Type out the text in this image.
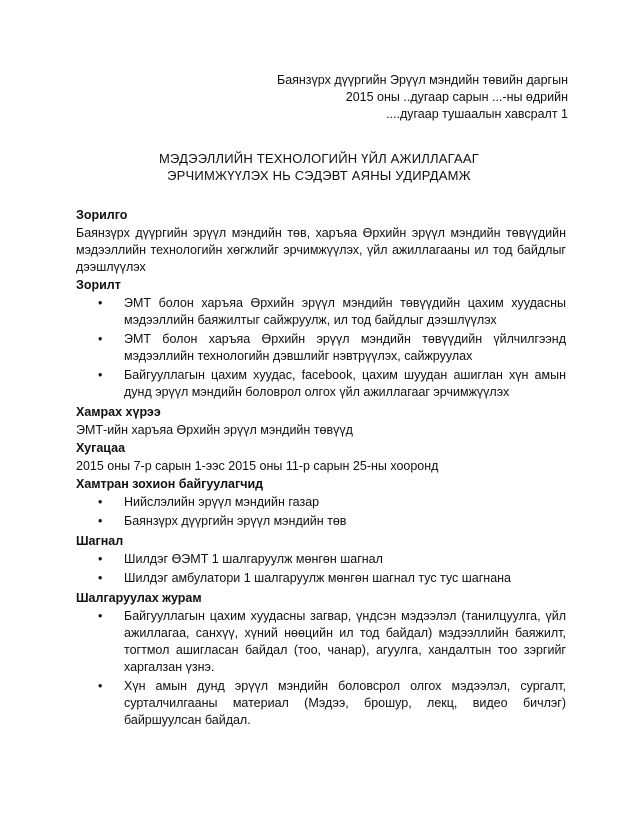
Баянзүрх дүүргийн Эрүүл мэндийн төвийн даргын
2015 оны ..дугаар сарын ...-ны өдрийн
....дугаар тушаалын хавсралт 1
МЭДЭЭЛЛИЙН ТЕХНОЛОГИЙН ҮЙЛ АЖИЛЛАГААГ
ЭРЧИМЖҮҮЛЭХ НЬ СЭДЭВТ АЯНЫ УДИРДАМЖ
Зорилго

Баянзүрх дүүргийн эрүүл мэндийн төв, харъяа Өрхийн эрүүл мэндийн төвүүдийн мэдээллийн технологийн хөгжлийг эрчимжүүлэх, үйл ажиллагааны ил тод байдлыг дээшлүүлэх

Зорилт
• ЭМТ болон харъяа Өрхийн эрүүл мэндийн төвүүдийн цахим хуудасны мэдээллийн баяжилтыг сайжруулж, ил тод байдлыг дээшлүүлэх
• ЭМТ болон харъяа Өрхийн эрүүл мэндийн төвүүдийн үйлчилгээнд мэдээллийн технологийн дэвшлийг нэвтрүүлэх, сайжруулах
• Байгууллагын цахим хуудас, facebook, цахим шуудан ашиглан хүн амын дунд эрүүл мэндийн боловрол олгох үйл ажиллагааг эрчимжүүлэх
Хамрах хүрээ

ЭМТ-ийн харъяа Өрхийн эрүүл мэндийн төвүүд

Хугацаа

2015 оны 7-р сарын 1-ээс 2015 оны 11-р сарын 25-ны хооронд

Хамтран зохион байгуулагчид
• Нийслэлийн эрүүл мэндийн газар
• Баянзүрх дүүргийн эрүүл мэндийн төв
Шагнал
• Шилдэг ӨЭМТ 1 шалгаруулж мөнгөн шагнал
• Шилдэг амбулатори 1 шалгаруулж мөнгөн шагнал тус тус шагнана
Шалгаруулах журам
• Байгууллагын цахим хуудасны загвар, үндсэн мэдээлэл (танилцуулга, үйл ажиллагаа, санхүү, хүний нөөцийн ил тод байдал) мэдээллийн баяжилт, тогтмол ашигласан байдал (тоо, чанар), агуулга, хандалтын тоо зэргийг харгалзан үзнэ.
• Хүн амын дунд эрүүл мэндийн боловсрол олгох мэдээлэл, сургалт, сурталчилгааны материал (Мэдээ, брошур, лекц, видео бичлэг) байршуулсан байдал.
